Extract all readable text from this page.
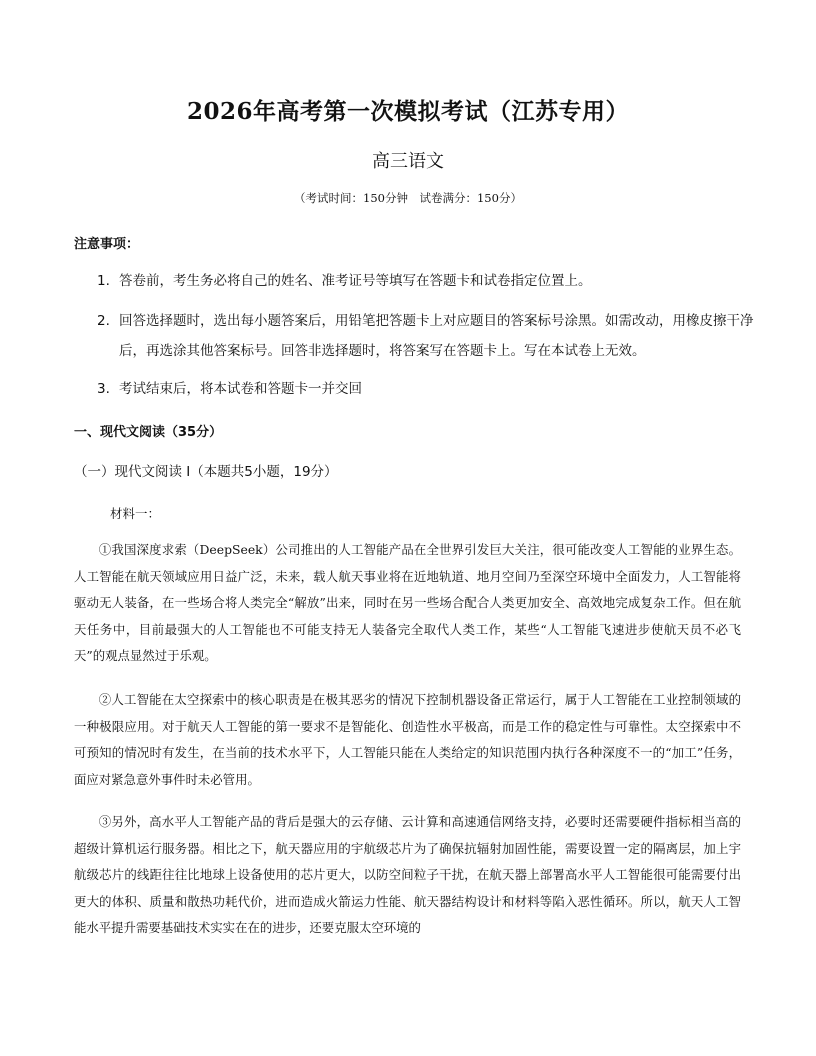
2026年高考第一次模拟考试（江苏专用）
高三语文
（考试时间：150分钟　试卷满分：150分）
注意事项：
1. 答卷前，考生务必将自己的姓名、准考证号等填写在答题卡和试卷指定位置上。
2. 回答选择题时，选出每小题答案后，用铅笔把答题卡上对应题目的答案标号涂黑。如需改动，用橡皮擦干净后，再选涂其他答案标号。回答非选择题时，将答案写在答题卡上。写在本试卷上无效。
3. 考试结束后，将本试卷和答题卡一并交回
一、现代文阅读（35分）
（一）现代文阅读 I（本题共5小题，19分）
材料一：

①我国深度求索（DeepSeek）公司推出的人工智能产品在全世界引发巨大关注，很可能改变人工智能的业界生态。人工智能在航天领域应用日益广泛，未来，载人航天事业将在近地轨道、地月空间乃至深空环境中全面发力，人工智能将驱动无人装备，在一些场合将人类完全“解放”出来，同时在另一些场合配合人类更加安全、高效地完成复杂工作。但在航天任务中，目前最强大的人工智能也不可能支持无人装备完全取代人类工作，某些“人工智能飞速进步使航天员不必飞天”的观点显然过于乐观。

②人工智能在太空探索中的核心职责是在极其恶劣的情况下控制机器设备正常运行，属于人工智能在工业控制领域的一种极限应用。对于航天人工智能的第一要求不是智能化、创造性水平极高，而是工作的稳定性与可靠性。太空探索中不可预知的情况时有发生，在当前的技术水平下，人工智能只能在人类给定的知识范围内执行各种深度不一的“加工”任务，面应对紧急意外事件时未必管用。

③另外，高水平人工智能产品的背后是强大的云存储、云计算和高速通信网络支持，必要时还需要硬件指标相当高的超级计算机运行服务器。相比之下，航天器应用的宇航级芯片为了确保抗辐射加固性能，需要设置一定的隔离层，加上宇航级芯片的线距往往比地球上设备使用的芯片更大，以防空间粒子干扰，在航天器上部署高水平人工智能很可能需要付出更大的体积、质量和散热功耗代价，进而造成火箭运力性能、航天器结构设计和材料等陷入恶性循环。所以，航天人工智能水平提升需要基础技术实实在在的进步，还要克服太空环境的
